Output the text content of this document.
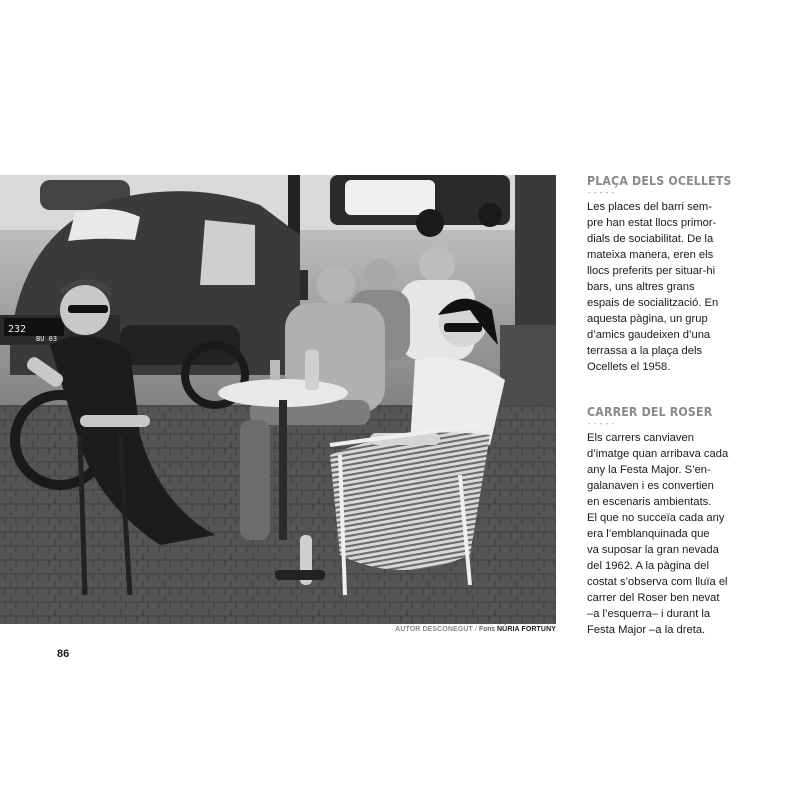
232
BU 03
AUTOR DESCONEGUT / Fons NÚRIA FORTUNY
86

PLAÇA DELS OCELLETS

-----

Les places del barri sem-

pre han estat llocs primor-

dials de sociabilitat. De la

mateixa manera, eren els

llocs preferits per situar-hi

bars, uns altres grans

espais de socialització. En

aquesta pàgina, un grup

d’amics gaudeixen d’una

terrassa a la plaça dels

Ocellets el 1958.

CARRER DEL ROSER

-----

Els carrers canviaven

d’imatge quan arribava cada

any la Festa Major. S’en-

galanaven i es convertien

en escenaris ambientats.

El que no succeïa cada any

era l’emblanquinada que

va suposar la gran nevada

del 1962. A la pàgina del

costat s’observa com lluïa el

carrer del Roser ben nevat

–a l’esquerra– i durant la

Festa Major –a la dreta.
